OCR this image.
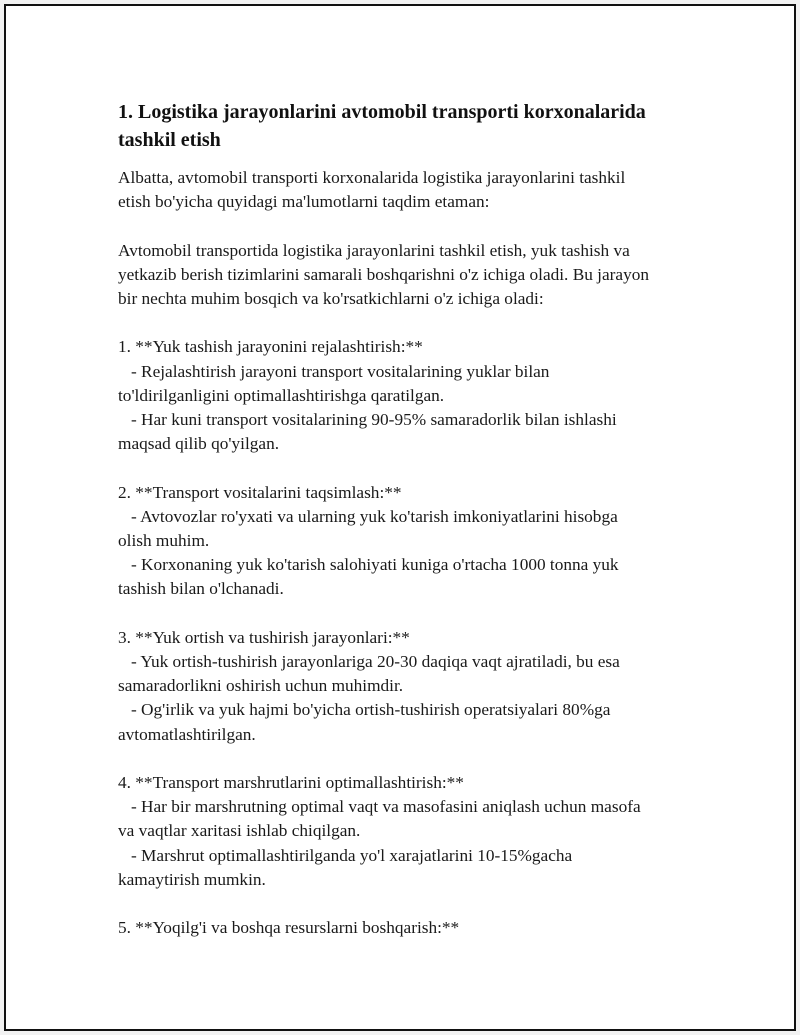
1. Logistika jarayonlarini avtomobil transporti korxonalarida
tashkil etish

Albatta, avtomobil transporti korxonalarida logistika jarayonlarini tashkil
etish bo'yicha quyidagi ma'lumotlarni taqdim etaman:

Avtomobil transportida logistika jarayonlarini tashkil etish, yuk tashish va
yetkazib berish tizimlarini samarali boshqarishni o'z ichiga oladi. Bu jarayon
bir nechta muhim bosqich va ko'rsatkichlarni o'z ichiga oladi:

1. **Yuk tashish jarayonini rejalashtirish:**
- Rejalashtirish jarayoni transport vositalarining yuklar bilan
to'ldirilganligini optimallashtirishga qaratilgan.
- Har kuni transport vositalarining 90-95% samaradorlik bilan ishlashi
maqsad qilib qo'yilgan.
2. **Transport vositalarini taqsimlash:**
- Avtovozlar ro'yxati va ularning yuk ko'tarish imkoniyatlarini hisobga
olish muhim.
- Korxonaning yuk ko'tarish salohiyati kuniga o'rtacha 1000 tonna yuk
tashish bilan o'lchanadi.
3. **Yuk ortish va tushirish jarayonlari:**
- Yuk ortish-tushirish jarayonlariga 20-30 daqiqa vaqt ajratiladi, bu esa
samaradorlikni oshirish uchun muhimdir.
- Og'irlik va yuk hajmi bo'yicha ortish-tushirish operatsiyalari 80%ga
avtomatlashtirilgan.
4. **Transport marshrutlarini optimallashtirish:**
- Har bir marshrutning optimal vaqt va masofasini aniqlash uchun masofa
va vaqtlar xaritasi ishlab chiqilgan.
- Marshrut optimallashtirilganda yo'l xarajatlarini 10-15%gacha
kamaytirish mumkin.
5. **Yoqilg'i va boshqa resurslarni boshqarish:**
